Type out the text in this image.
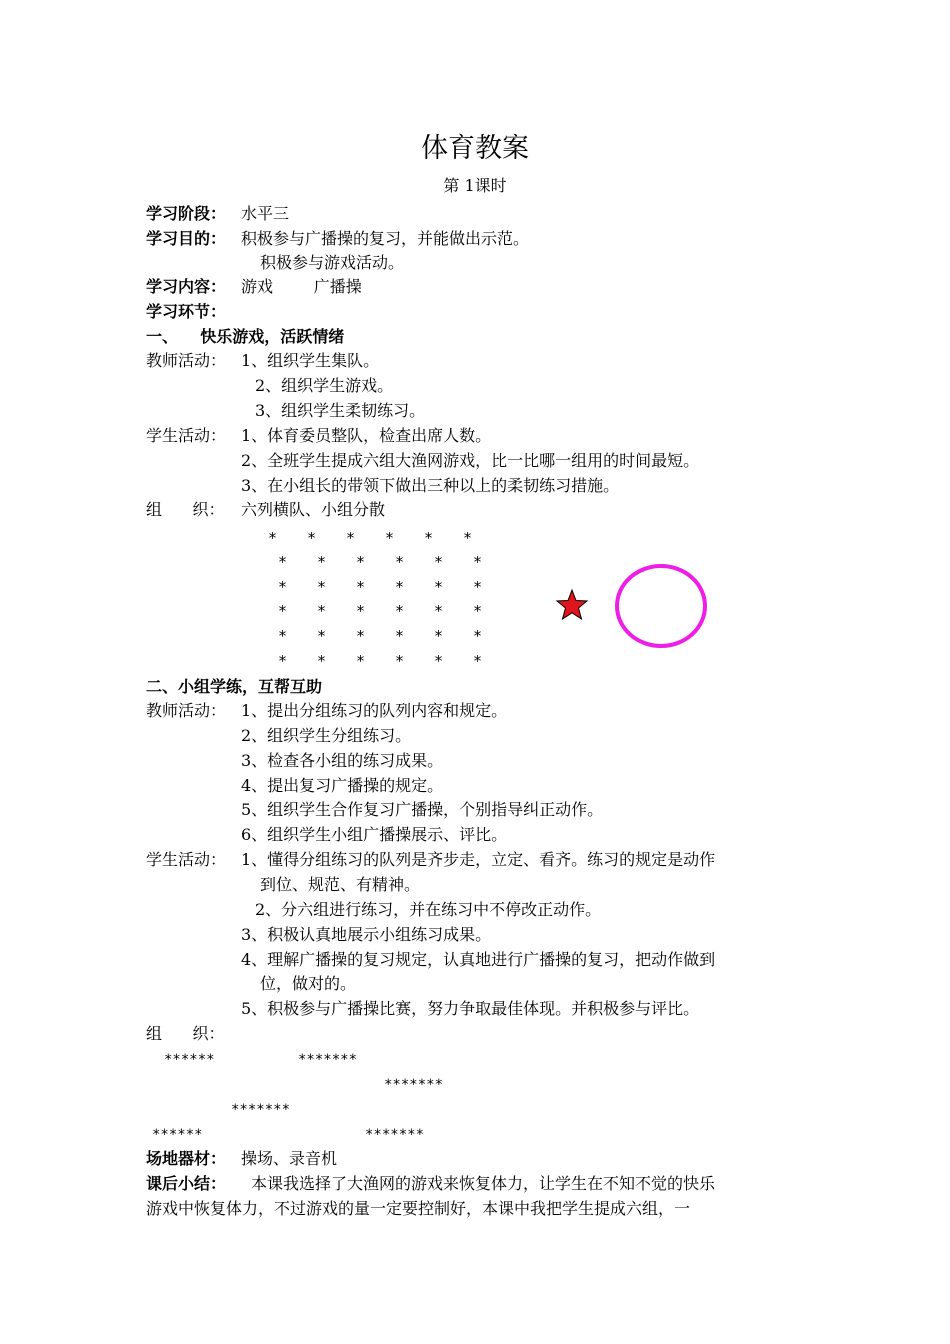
体育教案
第 1课时
学习阶段： 水平三
学习目的： 积极参与广播操的复习，并能做出示范。
积极参与游戏活动。
学习内容： 游戏        广播操
学习环节：
一、    快乐游戏，活跃情绪
教师活动： 1、组织学生集队。
2、组织学生游戏。
3、组织学生柔韧练习。
学生活动： 1、体育委员整队，检查出席人数。
2、全班学生提成六组大渔网游戏，比一比哪一组用的时间最短。
3、在小组长的带领下做出三种以上的柔韧练习措施。
组      织： 六列横队、小组分散
* * * * * *
* * * * * *
* * * * * *
* * * * * *
* * * * * *
* * * * * *
二、小组学练，互帮互助
教师活动： 1、提出分组练习的队列内容和规定。
2、组织学生分组练习。
3、检查各小组的练习成果。
4、提出复习广播操的规定。
5、组织学生合作复习广播操，个别指导纠正动作。
6、组织学生小组广播操展示、评比。
学生活动： 1、懂得分组练习的队列是齐步走，立定、看齐。练习的规定是动作
到位、规范、有精神。
2、分六组进行练习，并在练习中不停改正动作。
3、积极认真地展示小组练习成果。
4、理解广播操的复习规定，认真地进行广播操的复习，把动作做到
位，做对的。
5、积极参与广播操比赛，努力争取最佳体现。并积极参与评比。
组      织：
******	*******
*******
*******
******	*******
场地器材： 操场、录音机
课后小结： 本课我选择了大渔网的游戏来恢复体力，让学生在不知不觉的快乐
游戏中恢复体力，不过游戏的量一定要控制好，本课中我把学生提成六组，一
